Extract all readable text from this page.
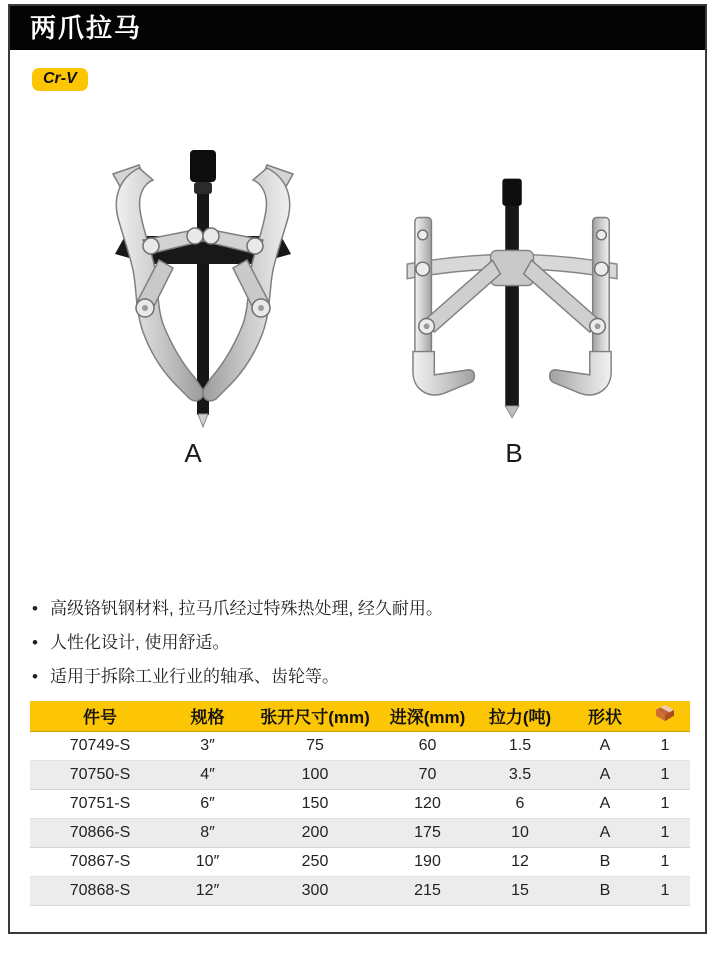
两爪拉马
Cr-V
A	B
• 高级铬钒钢材料, 拉马爪经过特殊热处理, 经久耐用。
• 人性化设计, 使用舒适。
• 适用于拆除工业行业的轴承、齿轮等。
件号	规格	张开尺寸(mm)	进深(mm)	拉力(吨)	形状	
70749-S	3″	75	60	1.5	A	1
70750-S	4″	100	70	3.5	A	1
70751-S	6″	150	120	6	A	1
70866-S	8″	200	175	10	A	1
70867-S	10″	250	190	12	B	1
70868-S	12″	300	215	15	B	1
